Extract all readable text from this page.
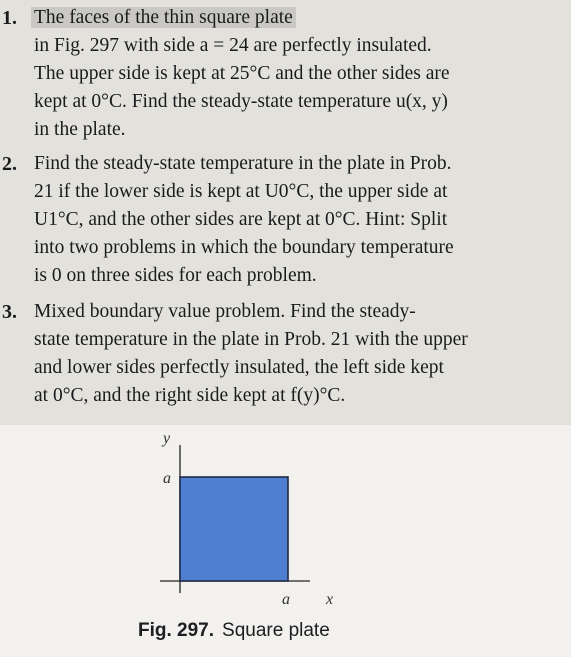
1. The faces of the thin square plate
in Fig. 297 with side a = 24 are perfectly insulated.
The upper side is kept at 25°C and the other sides are
kept at 0°C. Find the steady-state temperature u(x, y)
in the plate.
2. Find the steady-state temperature in the plate in Prob.
21 if the lower side is kept at U0°C, the upper side at
U1°C, and the other sides are kept at 0°C. Hint: Split
into two problems in which the boundary temperature
is 0 on three sides for each problem.
3. Mixed boundary value problem. Find the steady-
state temperature in the plate in Prob. 21 with the upper
and lower sides perfectly insulated, the left side kept
at 0°C, and the right side kept at f(y)°C.
y
a
a x
Fig. 297. Square plate
